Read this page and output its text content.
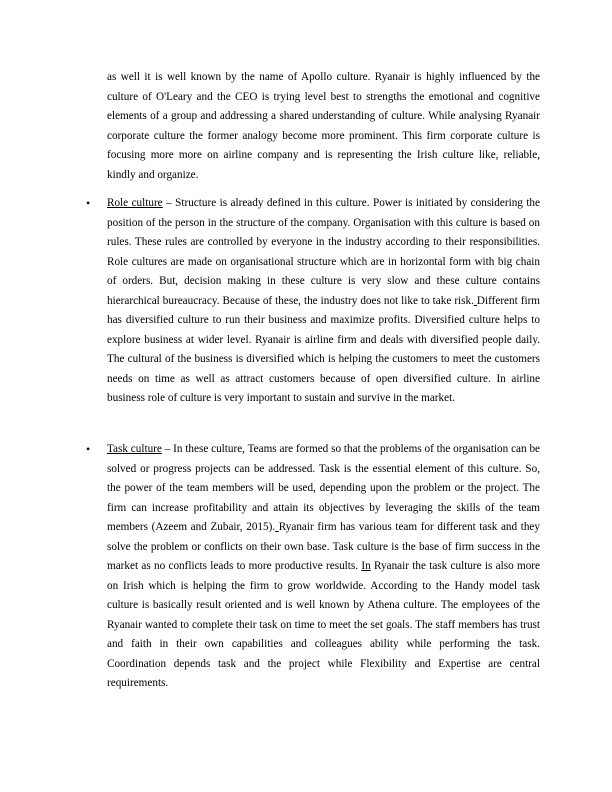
as well it is well known by the name of Apollo culture. Ryanair is highly influenced by the culture of O'Leary and the CEO is trying level best to strengths the emotional and cognitive elements of a group and addressing a shared understanding of culture. While analysing Ryanair corporate culture the former analogy become more prominent. This firm corporate culture is focusing more more on airline company and is representing the Irish culture like, reliable, kindly and organize.

•	Role culture – Structure is already defined in this culture. Power is initiated by considering the position of the person in the structure of the company. Organisation with this culture is based on rules. These rules are controlled by everyone in the industry according to their responsibilities. Role cultures are made on organisational structure which are in horizontal form with big chain of orders. But, decision making in these culture is very slow and these culture contains hierarchical bureaucracy. Because of these, the industry does not like to take risk. Different firm has diversified culture to run their business and maximize profits. Diversified culture helps to explore business at wider level. Ryanair is airline firm and deals with diversified people daily. The cultural of the business is diversified which is helping the customers to meet the customers needs on time as well as attract customers because of open diversified culture. In airline business role of culture is very important to sustain and survive in the market.

•	Task culture – In these culture, Teams are formed so that the problems of the organisation can be solved or progress projects can be addressed. Task is the essential element of this culture. So, the power of the team members will be used, depending upon the problem or the project. The firm can increase profitability and attain its objectives by leveraging the skills of the team members (Azeem and Zubair, 2015). Ryanair firm has various team for different task and they solve the problem or conflicts on their own base. Task culture is the base of firm success in the market as no conflicts leads to more productive results. In Ryanair the task culture is also more on Irish which is helping the firm to grow worldwide. According to the Handy model task culture is basically result oriented and is well known by Athena culture. The employees of the Ryanair wanted to complete their task on time to meet the set goals. The staff members has trust and faith in their own capabilities and colleagues ability while performing the task. Coordination depends task and the project while Flexibility and Expertise are central requirements.
